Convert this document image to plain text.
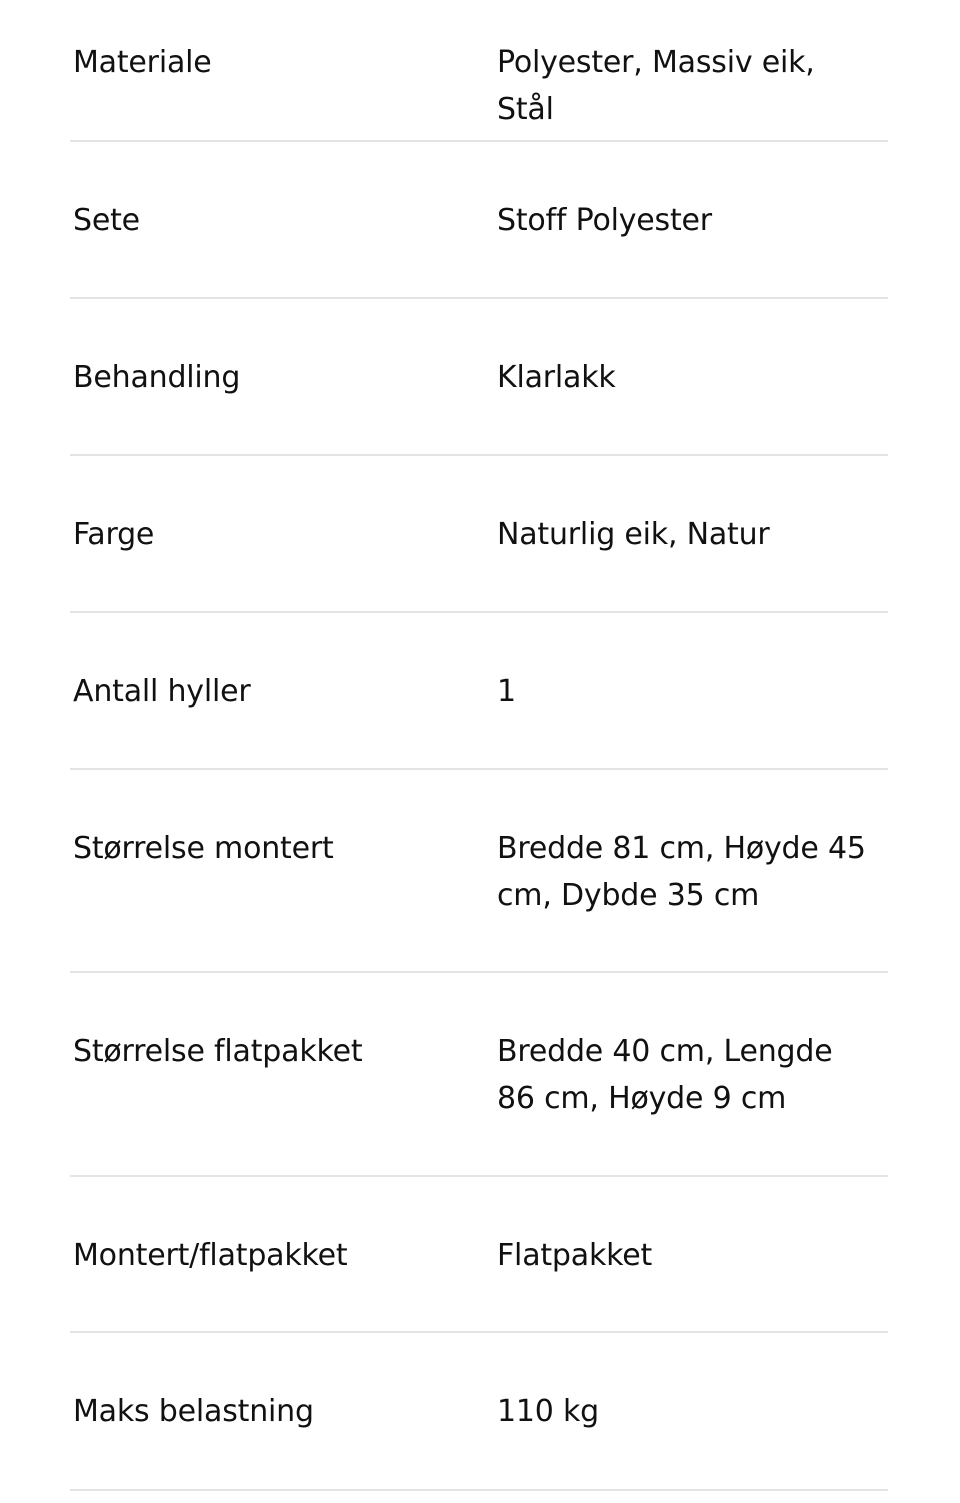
Materiale	Polyester, Massiv eik, Stål
Sete	Stoff Polyester
Behandling	Klarlakk
Farge	Naturlig eik, Natur
Antall hyller	1
Størrelse montert	Bredde 81 cm, Høyde 45 cm, Dybde 35 cm
Størrelse flatpakket	Bredde 40 cm, Lengde 86 cm, Høyde 9 cm
Montert/flatpakket	Flatpakket
Maks belastning	110 kg
